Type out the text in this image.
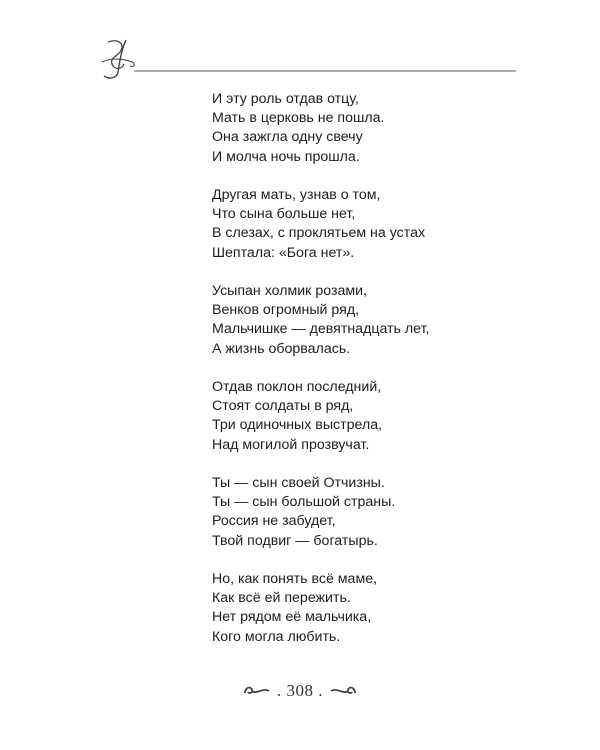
И эту роль отдав отцу,
Мать в церковь не пошла.
Она зажгла одну свечу
И молча ночь прошла.
Другая мать, узнав о том,
Что сына больше нет,
В слезах, с проклятьем на устах
Шептала: «Бога нет».
Усыпан холмик розами,
Венков огромный ряд,
Мальчишке — девятнадцать лет,
А жизнь оборвалась.
Отдав поклон последний,
Стоят солдаты в ряд,
Три одиночных выстрела,
Над могилой прозвучат.
Ты — сын своей Отчизны.
Ты — сын большой страны.
Россия не забудет,
Твой подвиг — богатырь.
Но, как понять всё маме,
Как всё ей пережить.
Нет рядом её мальчика,
Кого могла любить.
. 308 .
